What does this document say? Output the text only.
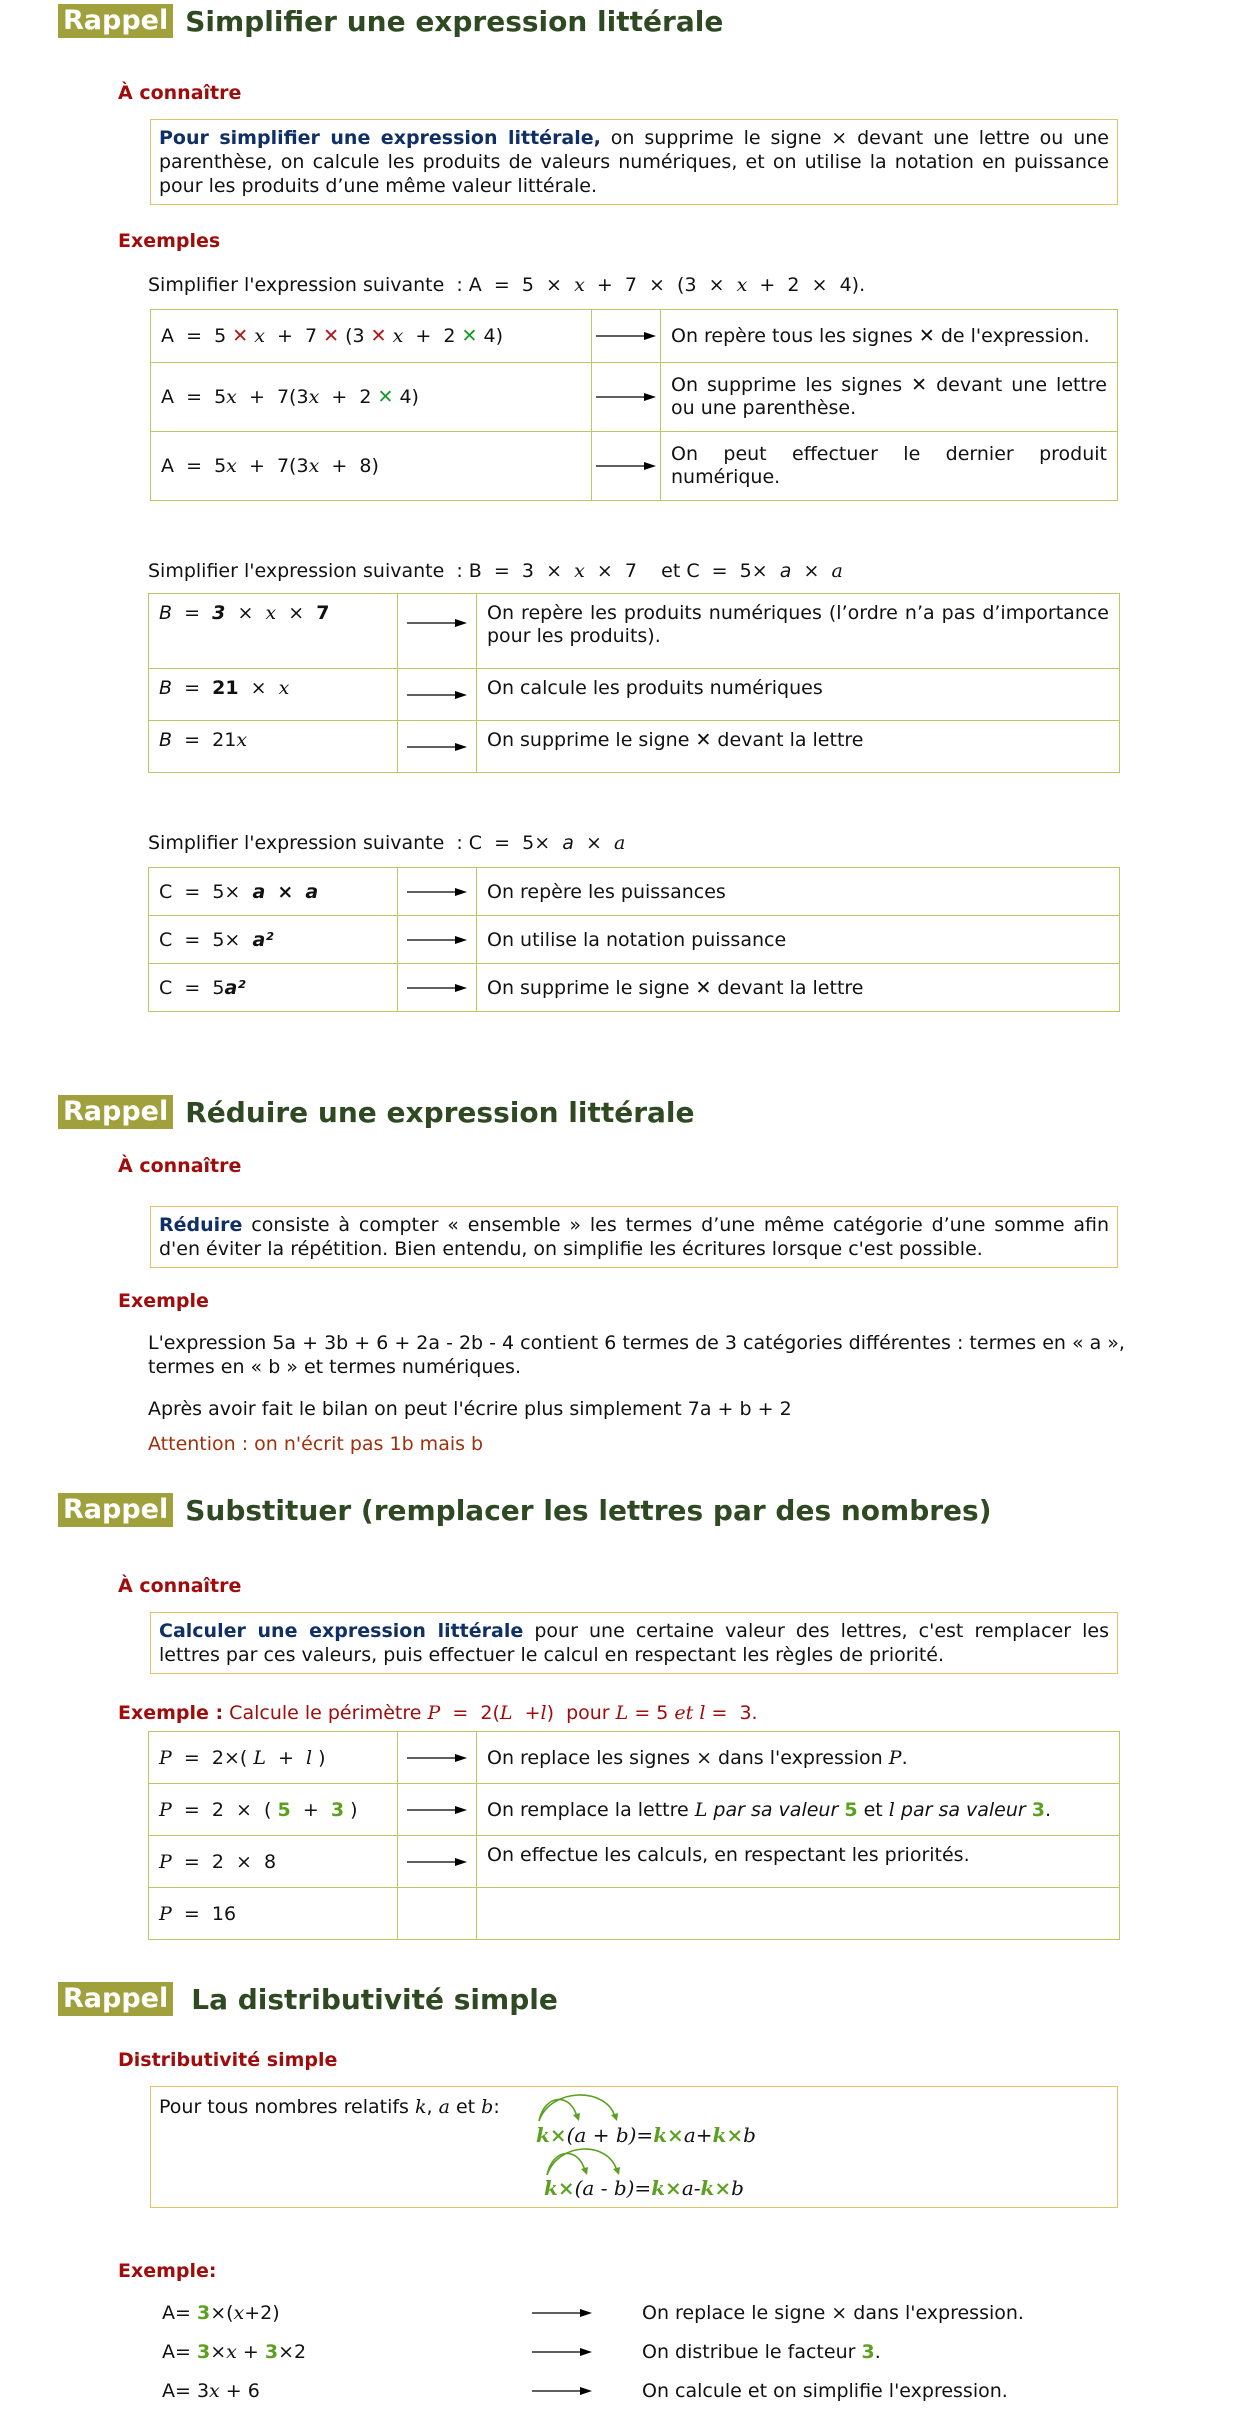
Rappel Simplifier une expression littérale
À connaître
Pour simplifier une expression littérale, on supprime le signe × devant une lettre ou une parenthèse, on calcule les produits de valeurs numériques, et on utilise la notation en puissance pour les produits d’une même valeur littérale.
Exemples
Simplifier l'expression suivante  : A  =  5  ×  x  +  7  ×  (3  ×  x  +  2  ×  4).
A  =  5 ✕ x  +  7 ✕ (3 ✕ x  +  2 ✕ 4)		On repère tous les signes ✕ de l'expression.
A  =  5x  +  7(3x  +  2 ✕ 4)		On supprime les signes ✕ devant une lettre ou une parenthèse.
A  =  5x  +  7(3x  +  8)		On peut effectuer le dernier produit numérique.
Simplifier l'expression suivante  : B  =  3  ×  x  ×  7    et C  =  5×  a  ×  a
B  =  3  ×  x  ×  7		On repère les produits numériques (l’ordre n’a pas d’importance pour les produits).
B  =  21  ×  x		On calcule les produits numériques
B  =  21x		On supprime le signe ✕ devant la lettre
Simplifier l'expression suivante  : C  =  5×  a  ×  a
C  =  5×  a × a		On repère les puissances
C  =  5×  a²		On utilise la notation puissance
C  =  5a²		On supprime le signe ✕ devant la lettre
Rappel Réduire une expression littérale
À connaître
Réduire consiste à compter « ensemble » les termes d’une même catégorie d’une somme afin d'en éviter la répétition. Bien entendu, on simplifie les écritures lorsque c'est possible.
Exemple
L'expression 5a + 3b + 6 + 2a - 2b - 4 contient 6 termes de 3 catégories différentes : termes en « a », termes en « b » et termes numériques.
Après avoir fait le bilan on peut l'écrire plus simplement 7a + b + 2
Attention : on n'écrit pas 1b mais b
Rappel Substituer (remplacer les lettres par des nombres)
À connaître
Calculer une expression littérale pour une certaine valeur des lettres, c'est remplacer les lettres par ces valeurs, puis effectuer le calcul en respectant les règles de priorité.
Exemple : Calcule le périmètre P  =  2(L  +l)  pour L = 5 et l =  3.
P  =  2×( L  +  l )		On replace les signes × dans l'expression P.
P  =  2  ×  ( 5  +  3 )		On remplace la lettre L par sa valeur 5 et l par sa valeur 3.
P  =  2  ×  8		On effectue les calculs, en respectant les priorités.
P  =  16		
Rappel La distributivité simple
Distributivité simple
Pour tous nombres relatifs k, a et b:
k×(a + b)=k×a+k×b
k×(a - b)=k×a-k×b
Exemple:
A= 3×(x+2)	On replace le signe × dans l'expression.
A= 3×x + 3×2	On distribue le facteur 3.
A= 3x + 6	On calcule et on simplifie l'expression.
